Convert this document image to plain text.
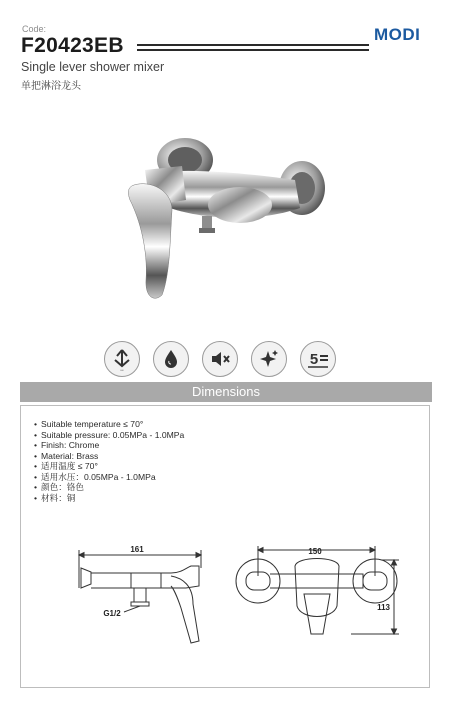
Code:
F20423EB	MODI
Single lever shower mixer
单把淋浴龙头
•••
5
Dimensions
• Suitable temperature ≤ 70°
• Suitable pressure: 0.05MPa - 1.0MPa
• Finish: Chrome
• Material: Brass
• 适用温度 ≤ 70°
• 适用水压：0.05MPa - 1.0MPa
• 颜色：铬色
• 材料：铜
161
G1/2
150
113
